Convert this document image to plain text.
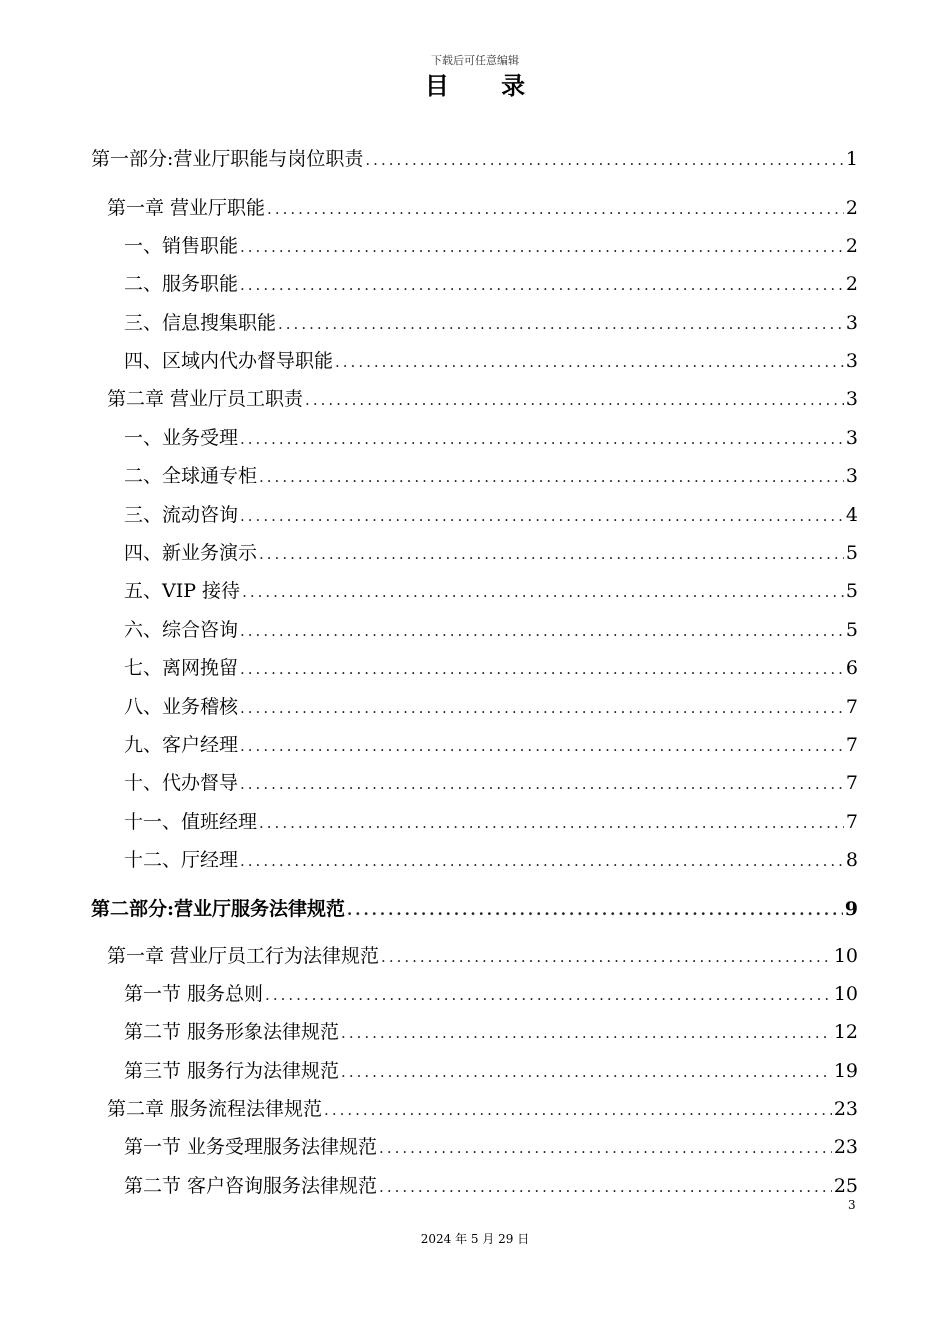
下载后可任意编辑
目 录
第一部分:营业厅职能与岗位职责 .....	1
第一章 营业厅职能 .....	2
一、销售职能 .....	2
二、服务职能 .....	2
三、信息搜集职能 .....	3
四、区域内代办督导职能 .....	3
第二章 营业厅员工职责 .....	3
一、业务受理 .....	3
二、全球通专柜 .....	3
三、流动咨询 .....	4
四、新业务演示 .....	5
五、VIP 接待 .....	5
六、综合咨询 .....	5
七、离网挽留 .....	6
八、业务稽核 .....	7
九、客户经理 .....	7
十、代办督导 .....	7
十一、值班经理 .....	7
十二、厅经理 .....	8
第二部分:营业厅服务法律规范 .....	9
第一章 营业厅员工行为法律规范 .....	10
第一节 服务总则 .....	10
第二节 服务形象法律规范 .....	12
第三节 服务行为法律规范 .....	19
第二章 服务流程法律规范 .....	23
第一节 业务受理服务法律规范 .....	23
第二节 客户咨询服务法律规范 .....	25
3
2024 年 5 月 29 日
